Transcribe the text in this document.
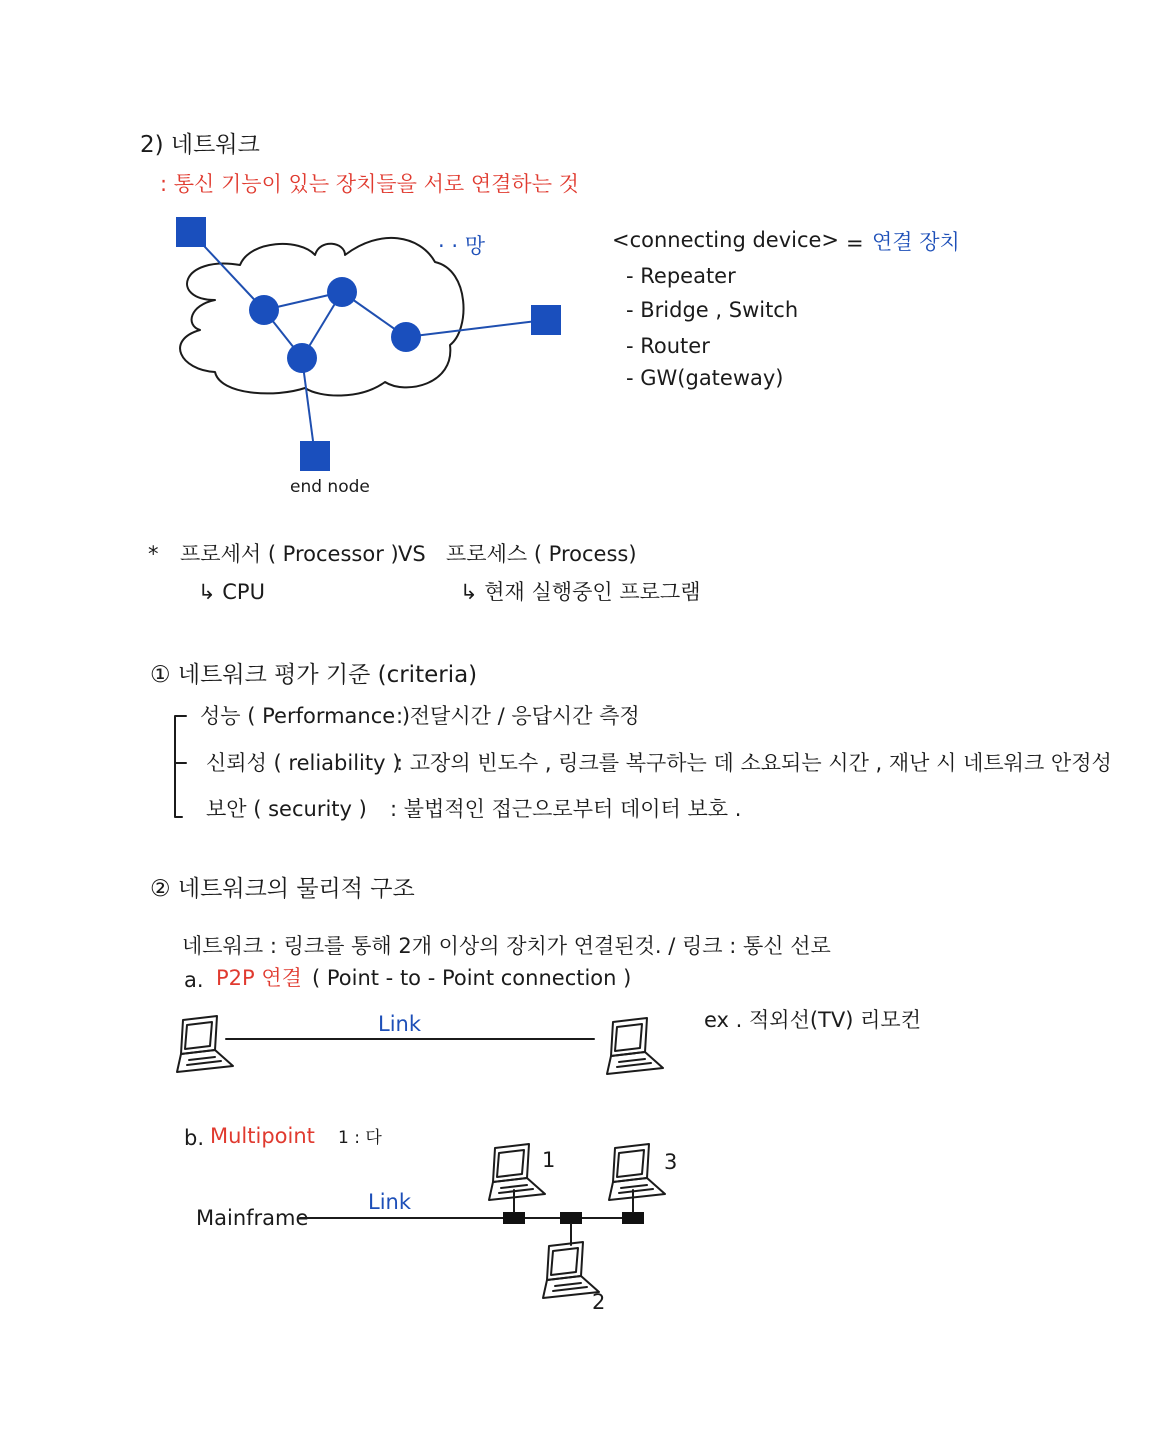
2) 네트워크
: 통신 기능이 있는 장치들을 서로 연결하는 것
· · 망
end node
<connecting device> = 연결 장치
- Repeater
- Bridge , Switch
- Router
- GW(gateway)
* 프로세서 ( Processor ) VS 프로세스 ( Process)
↳ CPU	↳ 현재 실행중인 프로그램
① 네트워크 평가 기준 (criteria)
성능 ( Performance )
: 전달시간 / 응답시간 측정
신뢰성 ( reliability )
: 고장의 빈도수 , 링크를 복구하는 데 소요되는 시간 , 재난 시 네트워크 안정성
보안 ( security ) : 불법적인 접근으로부터 데이터 보호 .
② 네트워크의 물리적 구조
네트워크 : 링크를 통해 2개 이상의 장치가 연결된것. / 링크 : 통신 선로
a. P2P 연결 ( Point - to - Point connection )
Link	ex . 적외선(TV) 리모컨
b. Multipoint 1 : 다
Mainframe
Link
1
2
3
